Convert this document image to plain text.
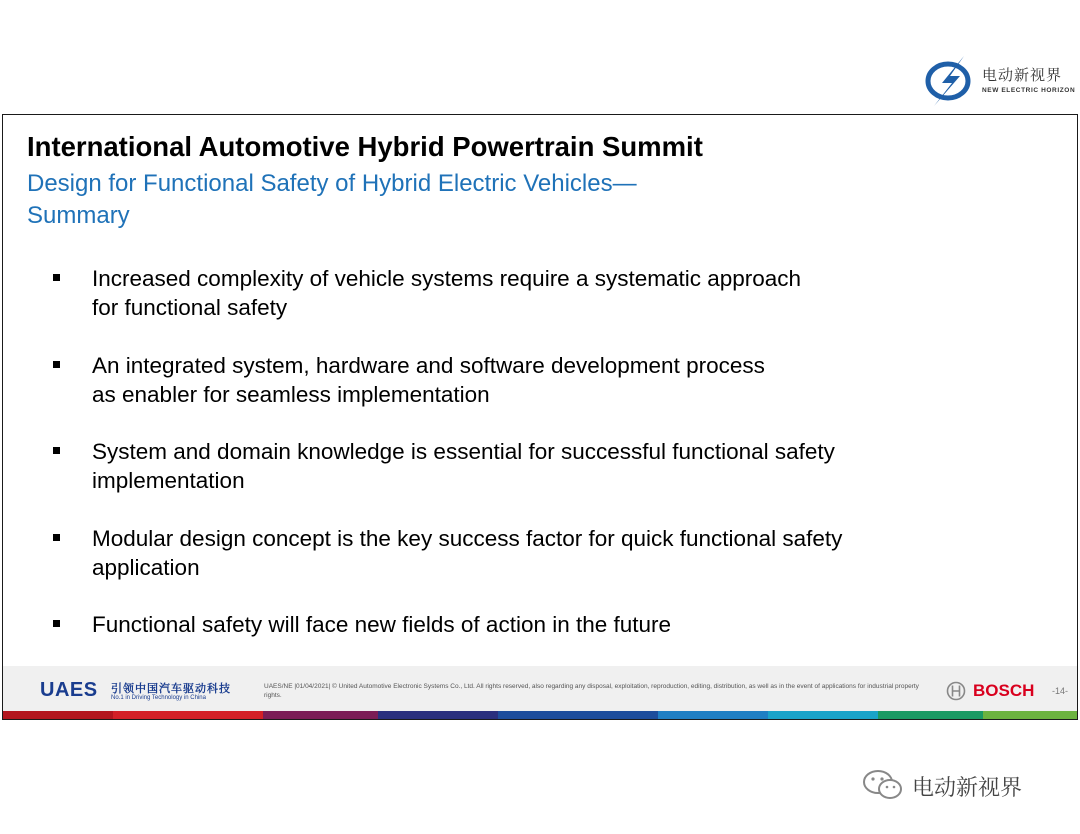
电动新视界
NEW ELECTRIC HORIZON
International Automotive Hybrid Powertrain Summit
Design for Functional Safety of Hybrid Electric Vehicles—
Summary
Increased complexity of vehicle systems require a systematic approach
for functional safety
An integrated system, hardware and software development process
as enabler for seamless implementation
System and domain knowledge is essential for successful functional safety
implementation
Modular design concept is the key success factor for quick functional safety
application
Functional safety will face new fields of action in the future
UAES 引领中国汽车驱动科技
No.1 in Driving Technology in China
UAES/NE |01/04/2021| © United Automotive Electronic Systems Co., Ltd. All rights reserved, also regarding any disposal, exploitation, reproduction, editing, distribution, as well as in the event of applications for industrial property rights.	BOSCH -14-
电动新视界
